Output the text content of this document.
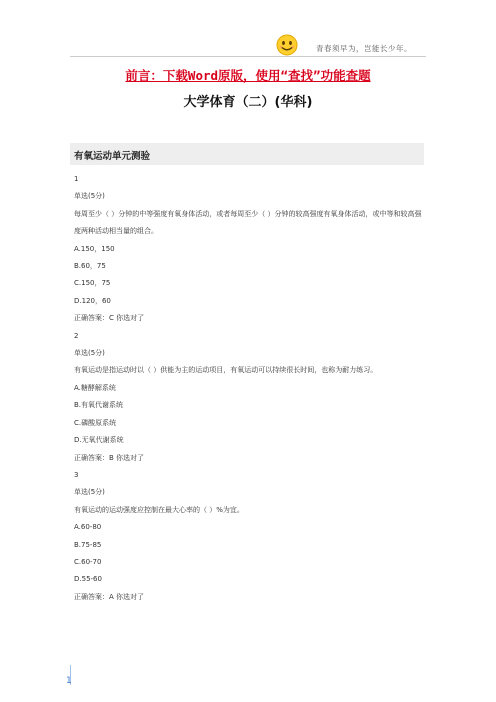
青春须早为，岂能长少年。
前言：下载Word原版，使用“查找”功能查题
大学体育（二）(华科)
有氧运动单元测验
1
单选(5分)
每周至少（ ）分钟的中等强度有氧身体活动，或者每周至少（ ）分钟的较高强度有氧身体活动，或中等和较高强度两种活动相当量的组合。
A.150，150
B.60，75
C.150，75
D.120，60
正确答案：C 你选对了
2
单选(5分)
有氧运动是指运动时以（ ）供能为主的运动项目，有氧运动可以持续很长时间，也称为耐力练习。
A.糖酵解系统
B.有氧代谢系统
C.磷酸原系统
D.无氧代谢系统
正确答案：B 你选对了
3
单选(5分)
有氧运动的运动强度应控制在最大心率的（ ）%为宜。
A.60-80
B.75-85
C.60-70
D.55-60
正确答案：A 你选对了
1
